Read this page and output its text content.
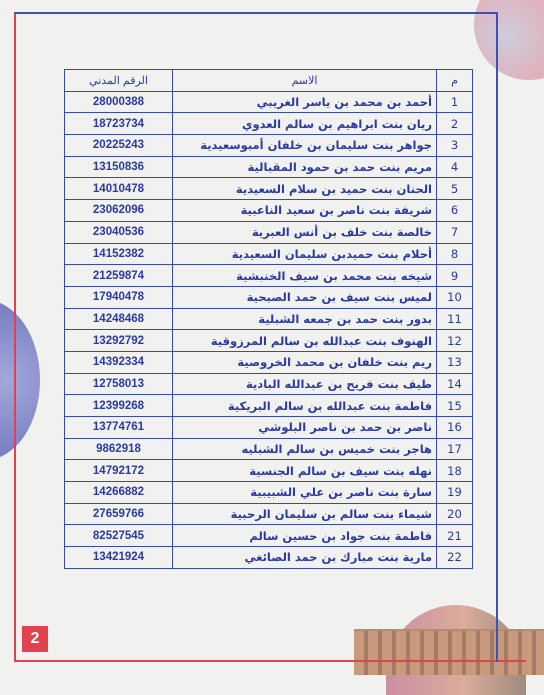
م	الاسم	الرقم المدني
1	أحمد بن محمد بن ياسر الغريبي	28000388
2	ريان بنت ابراهيم بن سالم العدوي	18723734
3	جواهر بنت سليمان بن خلفان أمبوسعيدية	20225243
4	مريم بنت حمد بن حمود المقبالية	13150836
5	الحنان بنت حميد بن سلام السعيدية	14010478
6	شريفة بنت ناصر بن سعيد الناعبية	23062096
7	خالصة بنت خلف بن أنس العبرية	23040536
8	أحلام بنت حميدبن سليمان السعيدية	14152382
9	شيخه بنت محمد بن سيف الخنبشية	21259874
10	لميس بنت سيف بن حمد الصبحية	17940478
11	بدور بنت حمد بن جمعه الشبلية	14248468
12	الهنوف بنت عبدالله بن سالم المرزوقية	13292792
13	ريم بنت خلفان بن محمد الخروصية	14392334
14	طيف بنت فريح بن عبدالله البادية	12758013
15	فاطمة بنت عبدالله بن سالم البريكية	12399268
16	ناصر بن حمد بن ناصر البلوشي	13774761
17	هاجر بنت خميس بن سالم الشبليه	9862918
18	نهله بنت سيف بن سالم الجنسية	14792172
19	سارة بنت ناصر بن علي الشبيبية	14266882
20	شيماء بنت سالم بن سليمان الرحبية	27659766
21	فاطمة بنت جواد بن حسين سالم	82527545
22	مارية بنت مبارك بن حمد الصائغي	13421924
2
